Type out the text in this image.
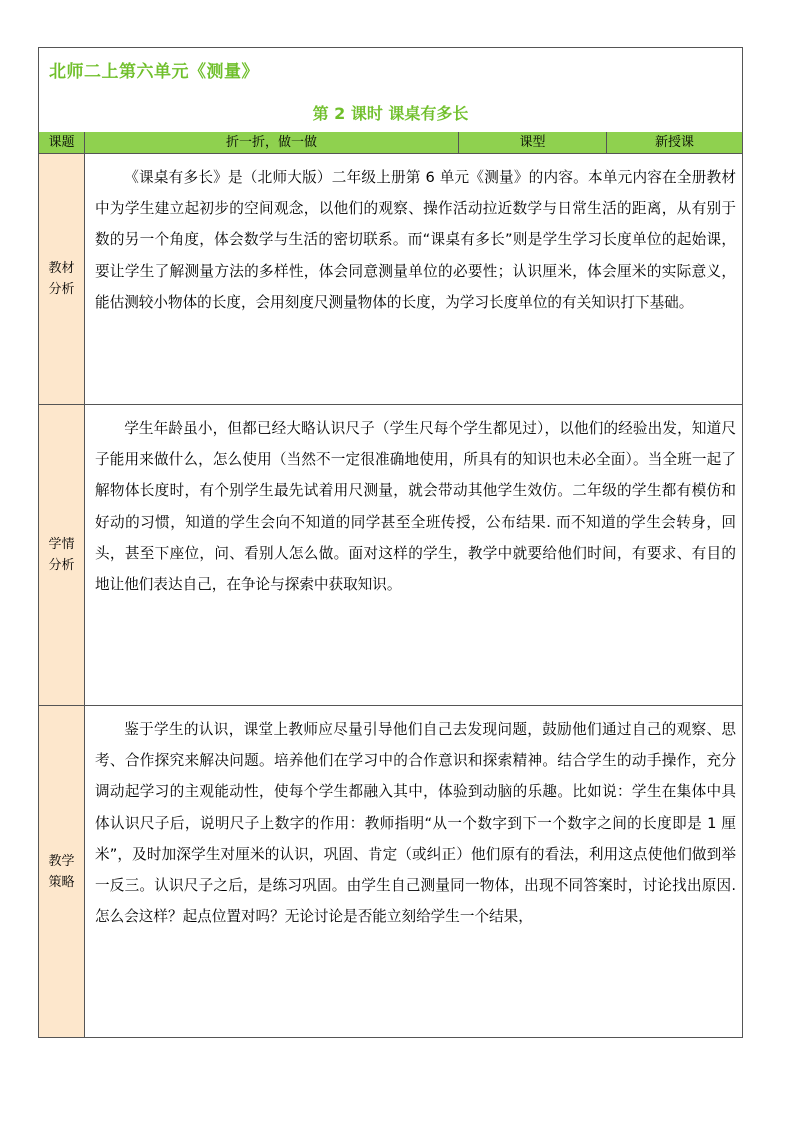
北师二上第六单元《测量》
第 2 课时 课桌有多长
课题	折一折，做一做	课型	新授课
教材分析

《课桌有多长》是（北师大版）二年级上册第 6 单元《测量》的内容。本单元内容在全册教材中为学生建立起初步的空间观念，以他们的观察、操作活动拉近数学与日常生活的距离，从有别于数的另一个角度，体会数学与生活的密切联系。而“课桌有多长”则是学生学习长度单位的起始课，要让学生了解测量方法的多样性，体会同意测量单位的必要性；认识厘米，体会厘米的实际意义，能估测较小物体的长度，会用刻度尺测量物体的长度，为学习长度单位的有关知识打下基础。

学情分析

学生年龄虽小，但都已经大略认识尺子（学生尺每个学生都见过），以他们的经验出发，知道尺子能用来做什么，怎么使用（当然不一定很准确地使用，所具有的知识也未必全面）。当全班一起了解物体长度时，有个别学生最先试着用尺测量，就会带动其他学生效仿。二年级的学生都有模仿和好动的习惯，知道的学生会向不知道的同学甚至全班传授，公布结果. 而不知道的学生会转身，回头，甚至下座位，问、看别人怎么做。面对这样的学生，教学中就要给他们时间，有要求、有目的地让他们表达自己，在争论与探索中获取知识。

教学策略

鉴于学生的认识，课堂上教师应尽量引导他们自己去发现问题，鼓励他们通过自己的观察、思考、合作探究来解决问题。培养他们在学习中的合作意识和探索精神。结合学生的动手操作，充分调动起学习的主观能动性，使每个学生都融入其中，体验到动脑的乐趣。比如说：学生在集体中具体认识尺子后，说明尺子上数字的作用：教师指明“从一个数字到下一个数字之间的长度即是 1 厘米”，及时加深学生对厘米的认识，巩固、肯定（或纠正）他们原有的看法，利用这点使他们做到举一反三。认识尺子之后，是练习巩固。由学生自己测量同一物体，出现不同答案时，讨论找出原因. 怎么会这样？起点位置对吗？无论讨论是否能立刻给学生一个结果，
